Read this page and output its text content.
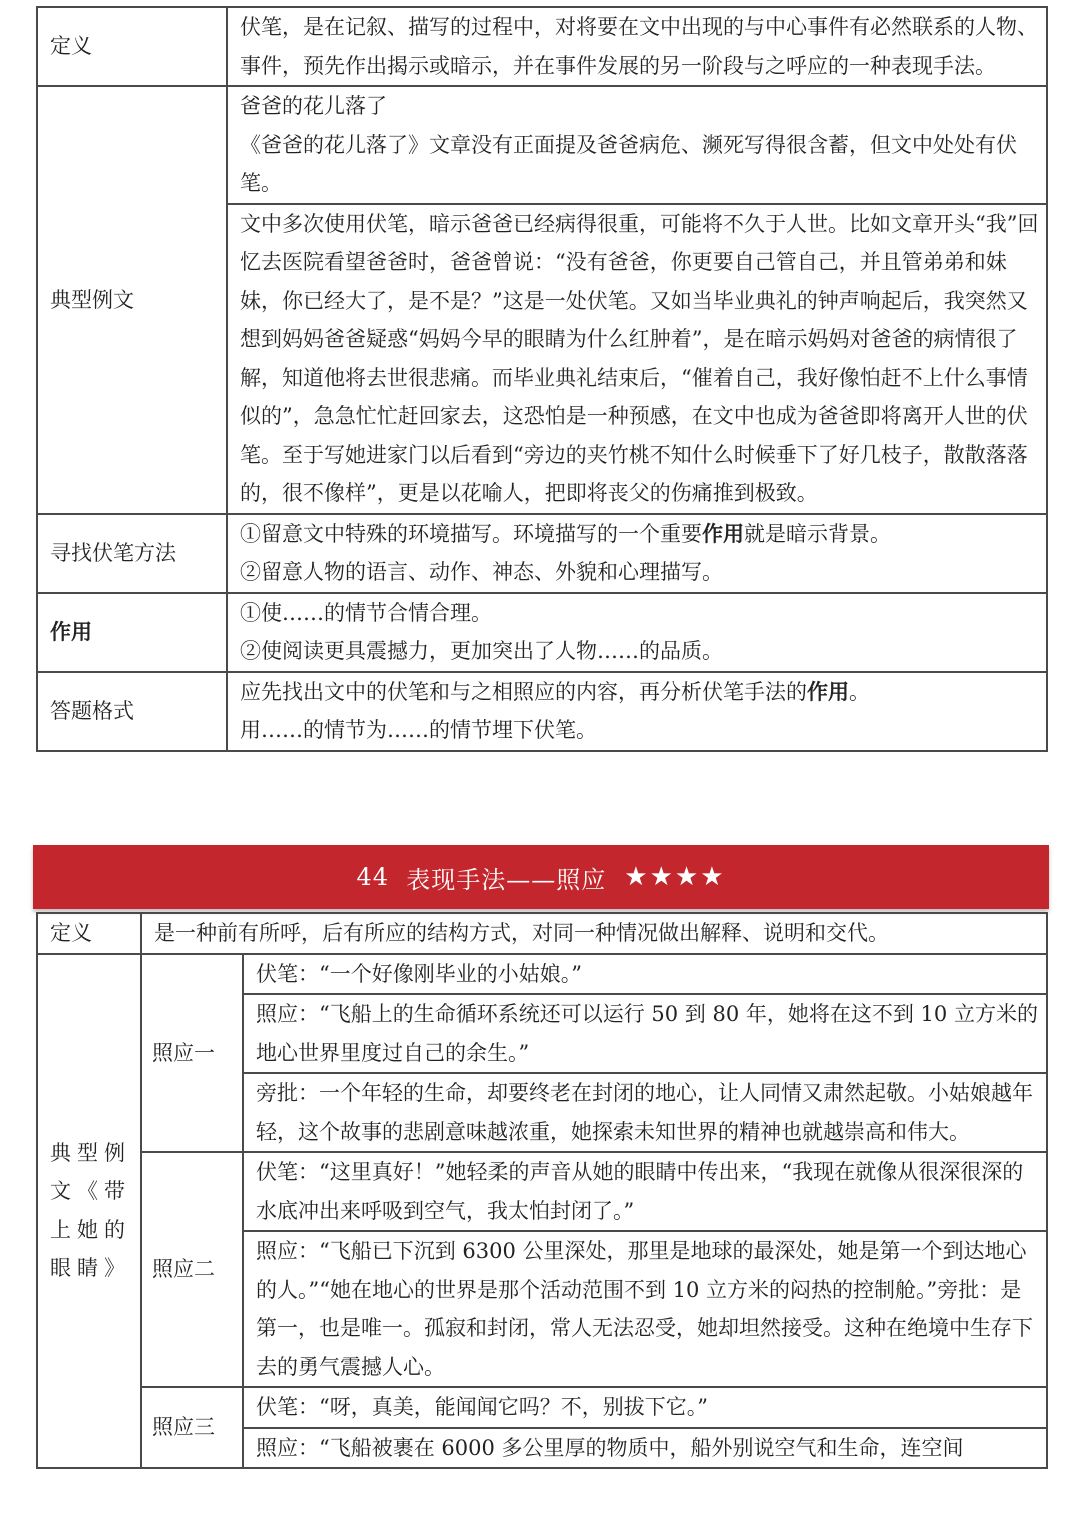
定义	伏笔，是在记叙、描写的过程中，对将要在文中出现的与中心事件有必然联系的人物、事件，预先作出揭示或暗示，并在事件发展的另一阶段与之呼应的一种表现手法。
典型例文	爸爸的花儿落了
《爸爸的花儿落了》文章没有正面提及爸爸病危、濒死写得很含蓄，但文中处处有伏笔。

	文中多次使用伏笔，暗示爸爸已经病得很重，可能将不久于人世。比如文章开头“我”回忆去医院看望爸爸时，爸爸曾说：“没有爸爸，你更要自己管自己，并且管弟弟和妹妹，你已经大了，是不是？”这是一处伏笔。又如当毕业典礼的钟声响起后，我突然又想到妈妈爸爸疑惑“妈妈今早的眼睛为什么红肿着”，是在暗示妈妈对爸爸的病情很了解，知道他将去世很悲痛。而毕业典礼结束后，“催着自己，我好像怕赶不上什么事情似的”，急急忙忙赶回家去，这恐怕是一种预感，在文中也成为爸爸即将离开人世的伏笔。至于写她进家门以后看到“旁边的夹竹桃不知什么时候垂下了好几枝子，散散落落的，很不像样”，更是以花喻人，把即将丧父的伤痛推到极致。
寻找伏笔方法	①留意文中特殊的环境描写。环境描写的一个重要作用就是暗示背景。
②留意人物的语言、动作、神态、外貌和心理描写。

作用	①使……的情节合情合理。
②使阅读更具震撼力，更加突出了人物……的品质。

答题格式	应先找出文中的伏笔和与之相照应的内容，再分析伏笔手法的作用。
用……的情节为……的情节埋下伏笔。
44
表现手法——照应 ★★★★
定义	是一种前有所呼，后有所应的结构方式，对同一种情况做出解释、说明和交代。	
典型例文《带上她的眼睛》	照应一	伏笔：“一个好像刚毕业的小姑娘。”
		照应：“飞船上的生命循环系统还可以运行 50 到 80 年，她将在这不到 10 立方米的地心世界里度过自己的余生。”
		旁批：一个年轻的生命，却要终老在封闭的地心，让人同情又肃然起敬。小姑娘越年轻，这个故事的悲剧意味越浓重，她探索未知世界的精神也就越崇高和伟大。
	照应二	伏笔：“这里真好！”她轻柔的声音从她的眼睛中传出来，“我现在就像从很深很深的水底冲出来呼吸到空气，我太怕封闭了。”
		照应：“飞船已下沉到 6300 公里深处，那里是地球的最深处，她是第一个到达地心的人。”“她在地心的世界是那个活动范围不到 10 立方米的闷热的控制舱。”旁批：是第一，也是唯一。孤寂和封闭，常人无法忍受，她却坦然接受。这种在绝境中生存下去的勇气震撼人心。
	照应三	伏笔：“呀，真美，能闻闻它吗？不，别拔下它。”
		照应：“飞船被裹在 6000 多公里厚的物质中，船外别说空气和生命，连空间
